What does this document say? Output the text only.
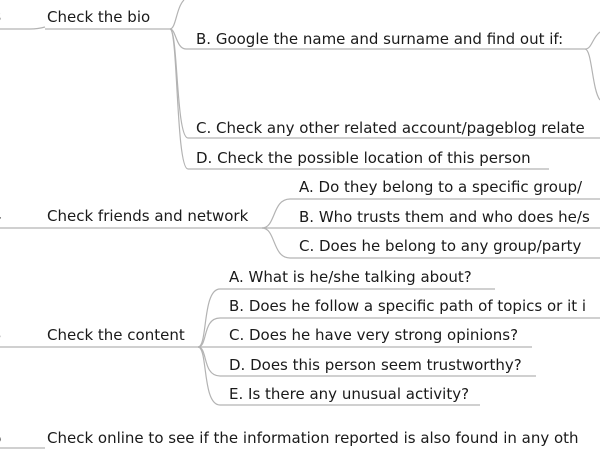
Check the bio
B. Google the name and surname and find out if:
C. Check any other related account/pageblog relate
D. Check the possible location of this person
Check friends and network
A. Do they belong to a specific group/
B. Who trusts them and who does he/s
C. Does he belong to any group/party
Check the content
A. What is he/she talking about?
B. Does he follow a specific path of topics or it i
C. Does he have very strong opinions?
D. Does this person seem trustworthy?
E. Is there any unusual activity?
Check online to see if the information reported is also found in any oth
